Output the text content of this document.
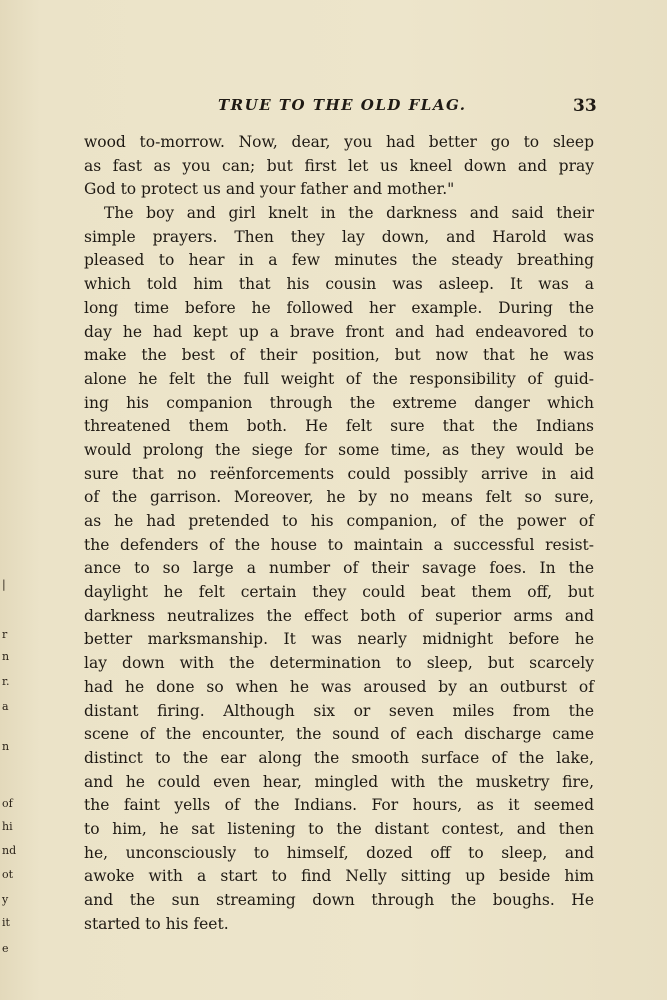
TRUE TO THE OLD FLAG.	33
wood to-morrow. Now, dear, you had better go to sleep
as fast as you can; but first let us kneel down and pray
God to protect us and your father and mother."
The boy and girl knelt in the darkness and said their
simple prayers. Then they lay down, and Harold was
pleased to hear in a few minutes the steady breathing
which told him that his cousin was asleep. It was a
long time before he followed her example. During the
day he had kept up a brave front and had endeavored to
make the best of their position, but now that he was
alone he felt the full weight of the responsibility of guid-
ing his companion through the extreme danger which
threatened them both. He felt sure that the Indians
would prolong the siege for some time, as they would be
sure that no reënforcements could possibly arrive in aid
of the garrison. Moreover, he by no means felt so sure,
as he had pretended to his companion, of the power of
the defenders of the house to maintain a successful resist-
ance to so large a number of their savage foes. In the
daylight he felt certain they could beat them off, but
darkness neutralizes the effect both of superior arms and
better marksmanship. It was nearly midnight before he
lay down with the determination to sleep, but scarcely
had he done so when he was aroused by an outburst of
distant firing. Although six or seven miles from the
scene of the encounter, the sound of each discharge came
distinct to the ear along the smooth surface of the lake,
and he could even hear, mingled with the musketry fire,
the faint yells of the Indians. For hours, as it seemed
to him, he sat listening to the distant contest, and then
he, unconsciously to himself, dozed off to sleep, and
awoke with a start to find Nelly sitting up beside him
and the sun streaming down through the boughs. He
started to his feet.
|
r
n
r.
a
n
of
hi
nd
ot
y
it
e
